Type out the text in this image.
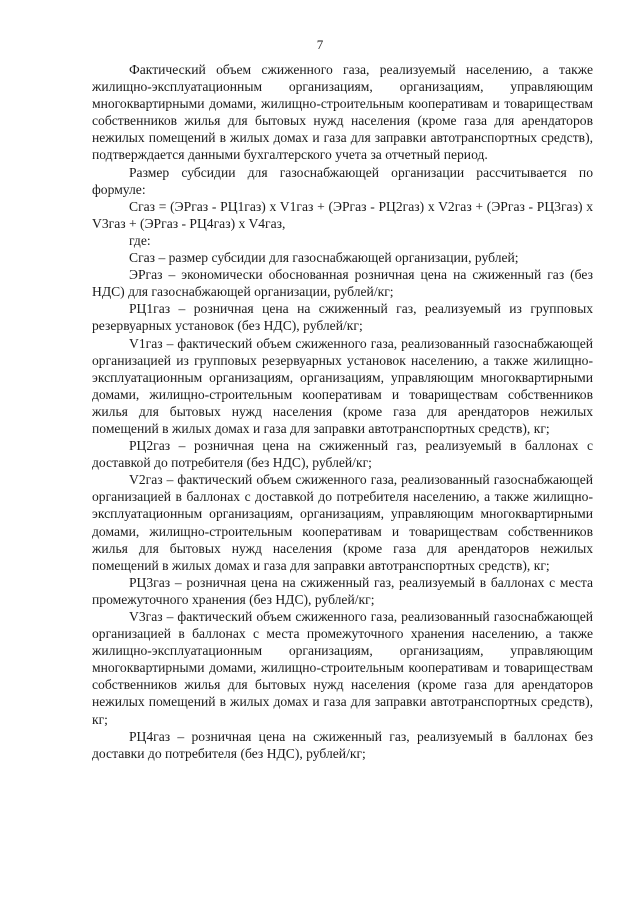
7

Фактический объем сжиженного газа, реализуемый населению, а также жилищно-эксплуатационным организациям, организациям, управляющим многоквартирными домами, жилищно-строительным кооперативам и товариществам собственников жилья для бытовых нужд населения (кроме газа для арендаторов нежилых помещений в жилых домах и газа для заправки автотранспортных средств), подтверждается данными бухгалтерского учета за отчетный период.

Размер субсидии для газоснабжающей организации рассчитывается по формуле:

Сгаз = (ЭРгаз - РЦ1газ) x V1газ + (ЭРгаз - РЦ2газ) x V2газ + (ЭРгаз - РЦ3газ) x V3газ + (ЭРгаз - РЦ4газ) x V4газ,

где:

Сгаз – размер субсидии для газоснабжающей организации, рублей;

ЭРгаз – экономически обоснованная розничная цена на сжиженный газ (без НДС) для газоснабжающей организации, рублей/кг;

РЦ1газ – розничная цена на сжиженный газ, реализуемый из групповых резервуарных установок (без НДС), рублей/кг;

V1газ – фактический объем сжиженного газа, реализованный газоснабжающей организацией из групповых резервуарных установок населению, а также жилищно-эксплуатационным организациям, организациям, управляющим многоквартирными домами, жилищно-строительным кооперативам и товариществам собственников жилья для бытовых нужд населения (кроме газа для арендаторов нежилых помещений в жилых домах и газа для заправки автотранспортных средств), кг;

РЦ2газ – розничная цена на сжиженный газ, реализуемый в баллонах с доставкой до потребителя (без НДС), рублей/кг;

V2газ – фактический объем сжиженного газа, реализованный газоснабжающей организацией в баллонах с доставкой до потребителя населению, а также жилищно-эксплуатационным организациям, организациям, управляющим многоквартирными домами, жилищно-строительным кооперативам и товариществам собственников жилья для бытовых нужд населения (кроме газа для арендаторов нежилых помещений в жилых домах и газа для заправки автотранспортных средств), кг;

РЦ3газ – розничная цена на сжиженный газ, реализуемый в баллонах с места промежуточного хранения (без НДС), рублей/кг;

V3газ – фактический объем сжиженного газа, реализованный газоснабжающей организацией в баллонах с места промежуточного хранения населению, а также жилищно-эксплуатационным организациям, организациям, управляющим многоквартирными домами, жилищно-строительным кооперативам и товариществам собственников жилья для бытовых нужд населения (кроме газа для арендаторов нежилых помещений в жилых домах и газа для заправки автотранспортных средств), кг;

РЦ4газ – розничная цена на сжиженный газ, реализуемый в баллонах без доставки до потребителя (без НДС), рублей/кг;
